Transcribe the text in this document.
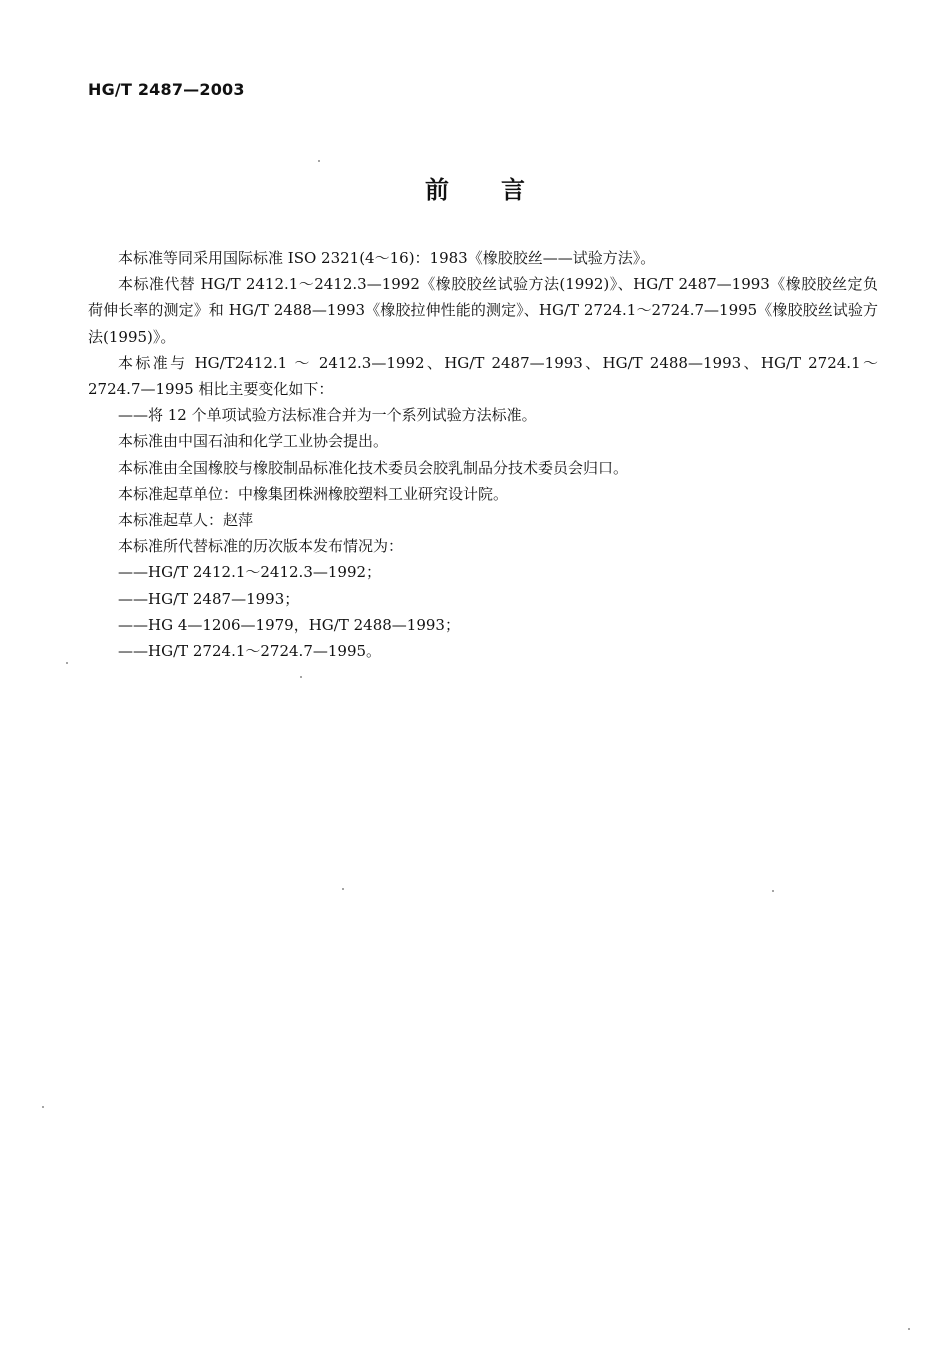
HG/T 2487—2003
前 言

本标准等同采用国际标准 ISO 2321(4～16)：1983《橡胶胶丝——试验方法》。

本标准代替 HG/T 2412.1～2412.3—1992《橡胶胶丝试验方法(1992)》、HG/T 2487—1993《橡胶胶丝定负荷伸长率的测定》和 HG/T 2488—1993《橡胶拉伸性能的测定》、HG/T 2724.1～2724.7—1995《橡胶胶丝试验方法(1995)》。

本标准与 HG/T2412.1 ～ 2412.3—1992、HG/T 2487—1993、HG/T 2488—1993、HG/T 2724.1～2724.7—1995 相比主要变化如下：

——将 12 个单项试验方法标准合并为一个系列试验方法标准。

本标准由中国石油和化学工业协会提出。

本标准由全国橡胶与橡胶制品标准化技术委员会胶乳制品分技术委员会归口。

本标准起草单位：中橡集团株洲橡胶塑料工业研究设计院。

本标准起草人：赵萍

本标准所代替标准的历次版本发布情况为：

——HG/T 2412.1～2412.3—1992；

——HG/T 2487—1993；

——HG 4—1206—1979，HG/T 2488—1993；

——HG/T 2724.1～2724.7—1995。
